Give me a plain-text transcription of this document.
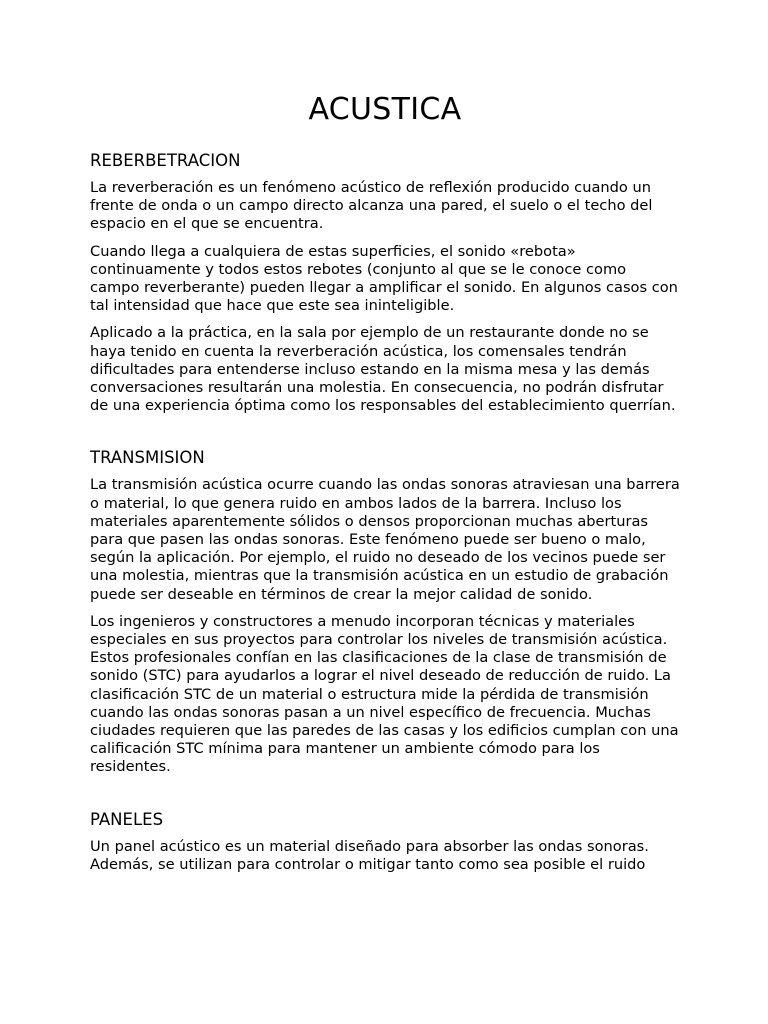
ACUSTICA
REBERBETRACION

La reverberación es un fenómeno acústico de reflexión producido cuando un frente de onda o un campo directo alcanza una pared, el suelo o el techo del espacio en el que se encuentra.

Cuando llega a cualquiera de estas superficies, el sonido «rebota» continuamente y todos estos rebotes (conjunto al que se le conoce como campo reverberante) pueden llegar a amplificar el sonido. En algunos casos con tal intensidad que hace que este sea ininteligible.

Aplicado a la práctica, en la sala por ejemplo de un restaurante donde no se haya tenido en cuenta la reverberación acústica, los comensales tendrán dificultades para entenderse incluso estando en la misma mesa y las demás conversaciones resultarán una molestia. En consecuencia, no podrán disfrutar de una experiencia óptima como los responsables del establecimiento querrían.

TRANSMISION

La transmisión acústica ocurre cuando las ondas sonoras atraviesan una barrera o material, lo que genera ruido en ambos lados de la barrera. Incluso los materiales aparentemente sólidos o densos proporcionan muchas aberturas para que pasen las ondas sonoras. Este fenómeno puede ser bueno o malo, según la aplicación. Por ejemplo, el ruido no deseado de los vecinos puede ser una molestia, mientras que la transmisión acústica en un estudio de grabación puede ser deseable en términos de crear la mejor calidad de sonido.

Los ingenieros y constructores a menudo incorporan técnicas y materiales especiales en sus proyectos para controlar los niveles de transmisión acústica. Estos profesionales confían en las clasificaciones de la clase de transmisión de sonido (STC) para ayudarlos a lograr el nivel deseado de reducción de ruido. La clasificación STC de un material o estructura mide la pérdida de transmisión cuando las ondas sonoras pasan a un nivel específico de frecuencia. Muchas ciudades requieren que las paredes de las casas y los edificios cumplan con una calificación STC mínima para mantener un ambiente cómodo para los residentes.

PANELES

Un panel acústico es un material diseñado para absorber las ondas sonoras. Además, se utilizan para controlar o mitigar tanto como sea posible el ruido
